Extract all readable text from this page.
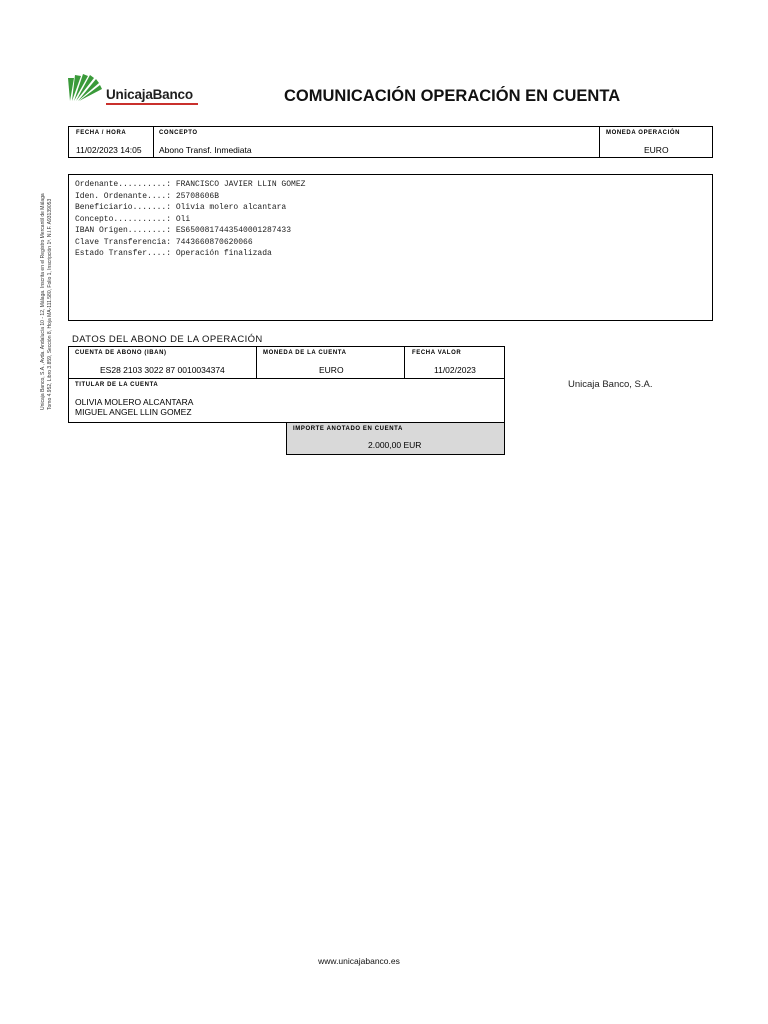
UnicajaBanco	COMUNICACIÓN OPERACIÓN EN CUENTA
FECHA / HORA
11/02/2023 14:05
CONCEPTO
Abono Transf. Inmediata
MONEDA OPERACIÓN
EURO
Ordenante..........: FRANCISCO JAVIER LLIN GOMEZ
Iden. Ordenante....: 25708606B
Beneficiario.......: Olivia molero alcantara
Concepto...........: Oli
IBAN Origen........: ES6500817443540001287433
Clave Transferencia: 7443660870620066
Estado Transfer....: Operación finalizada
Unicaja Banco, S.A., Avda. Andalucía 10 - 12, Málaga. Inscrita en el Registro Mercantil de Málaga Tomo 4.952, Libro 3.859, Sección 8, Hoja MA-111.580, Folio 1, Inscripción 1ª. N.I.F. A93139053 DATOS DEL ABONO DE LA OPERACIÓN
CUENTA DE ABONO (IBAN)
ES28 2103 3022 87 0010034374
MONEDA DE LA CUENTA
EURO
FECHA VALOR
11/02/2023
TITULAR DE LA CUENTA
OLIVIA MOLERO ALCANTARA
MIGUEL ANGEL LLIN GOMEZ
IMPORTE ANOTADO EN CUENTA
2.000,00 EUR
Unicaja Banco, S.A.
www.unicajabanco.es
